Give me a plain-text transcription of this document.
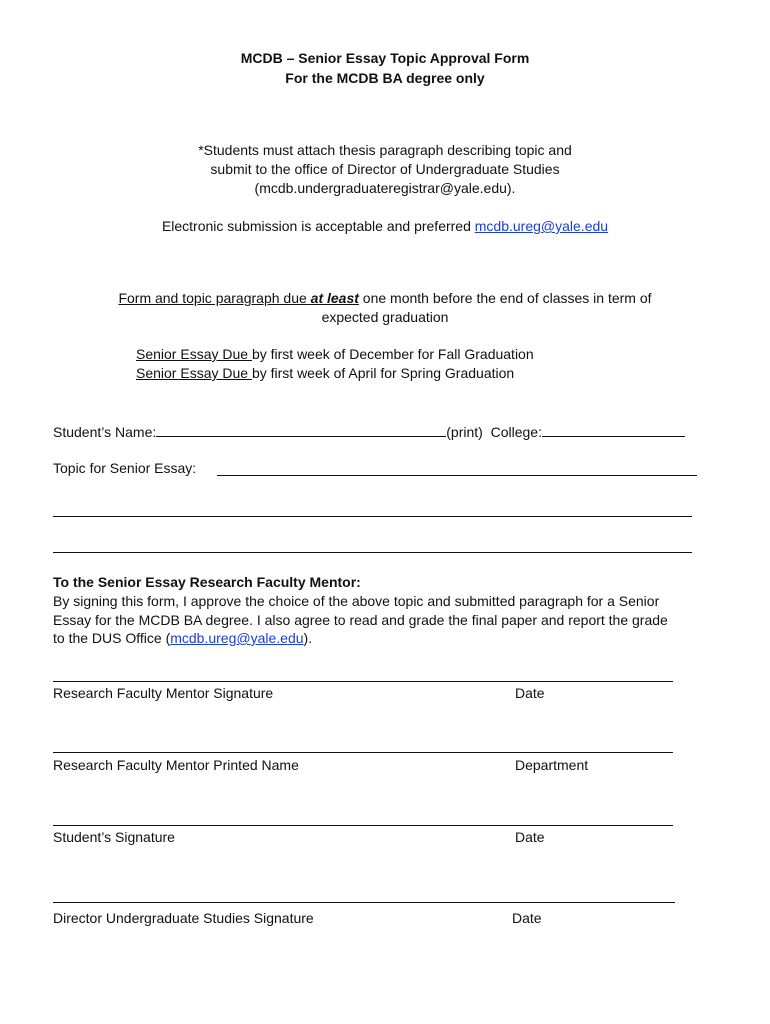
MCDB – Senior Essay Topic Approval Form
For the MCDB BA degree only
*Students must attach thesis paragraph describing topic and
submit to the office of Director of Undergraduate Studies
(mcdb.undergraduateregistrar@yale.edu).
Electronic submission is acceptable and preferred mcdb.ureg@yale.edu
Form and topic paragraph due at least one month before the end of classes in term of
expected graduation
Senior Essay Due by first week of December for Fall Graduation
Senior Essay Due by first week of April for Spring Graduation
Student’s Name:	(print) College:
Topic for Senior Essay:
To the Senior Essay Research Faculty Mentor:
By signing this form, I approve the choice of the above topic and submitted paragraph for a Senior
Essay for the MCDB BA degree. I also agree to read and grade the final paper and report the grade
to the DUS Office (mcdb.ureg@yale.edu).
Research Faculty Mentor Signature	Date
Research Faculty Mentor Printed Name	Department
Student’s Signature	Date
Director Undergraduate Studies Signature	Date
